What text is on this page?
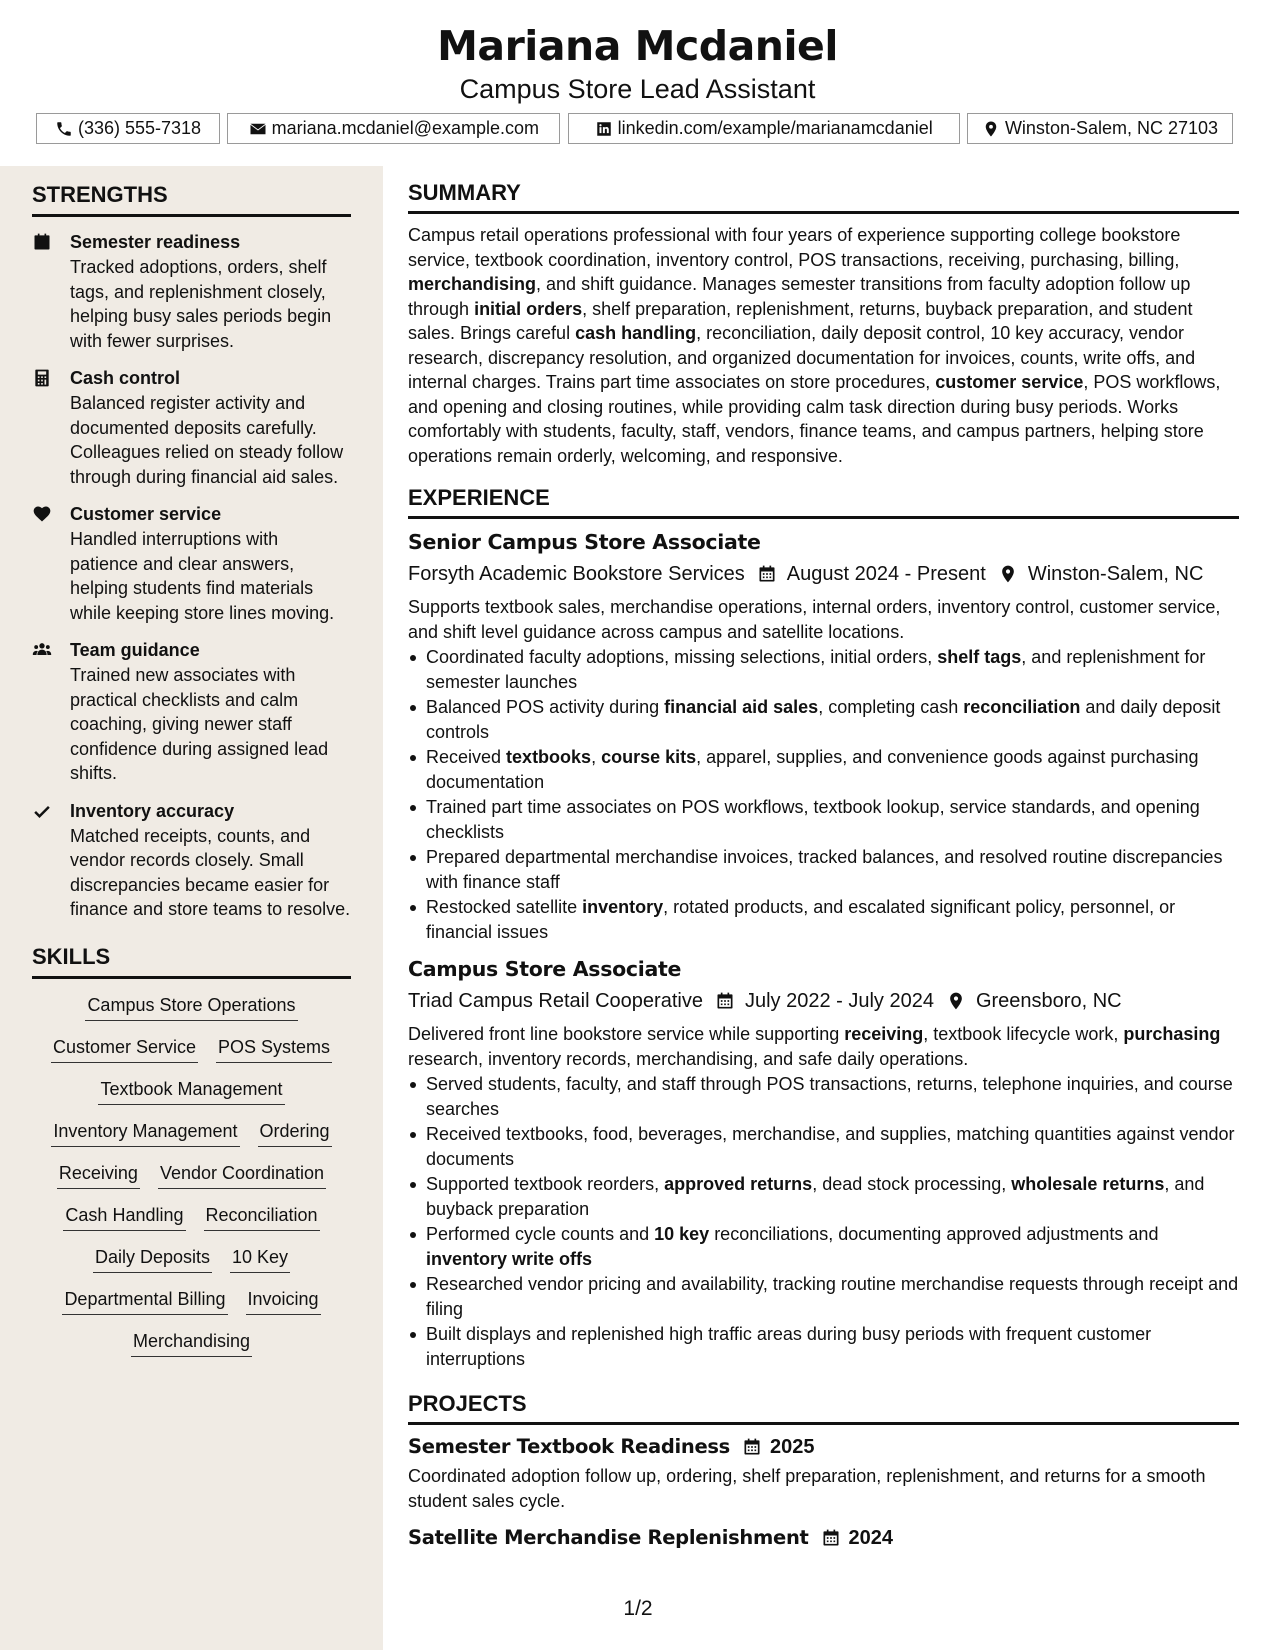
Mariana Mcdaniel
Campus Store Lead Assistant
(336) 555-7318	mariana.mcdaniel@example.com	linkedin.com/example/marianamcdaniel	Winston-Salem, NC 27103
STRENGTHS
Semester readiness
Tracked adoptions, orders, shelf tags, and replenishment closely, helping busy sales periods begin with fewer surprises.
Cash control
Balanced register activity and documented deposits carefully. Colleagues relied on steady follow through during financial aid sales.
Customer service
Handled interruptions with patience and clear answers, helping students find materials while keeping store lines moving.
Team guidance
Trained new associates with practical checklists and calm coaching, giving newer staff confidence during assigned lead shifts.
Inventory accuracy
Matched receipts, counts, and vendor records closely. Small discrepancies became easier for finance and store teams to resolve.
SKILLS
Campus Store Operations
Customer Service POS Systems
Textbook Management
Inventory Management Ordering
Receiving Vendor Coordination
Cash Handling Reconciliation
Daily Deposits 10 Key
Departmental Billing Invoicing
Merchandising
SUMMARY
Campus retail operations professional with four years of experience supporting college bookstore service, textbook coordination, inventory control, POS transactions, receiving, purchasing, billing, merchandising, and shift guidance. Manages semester transitions from faculty adoption follow up through initial orders, shelf preparation, replenishment, returns, buyback preparation, and student sales. Brings careful cash handling, reconciliation, daily deposit control, 10 key accuracy, vendor research, discrepancy resolution, and organized documentation for invoices, counts, write offs, and internal charges. Trains part time associates on store procedures, customer service, POS workflows, and opening and closing routines, while providing calm task direction during busy periods. Works comfortably with students, faculty, staff, vendors, finance teams, and campus partners, helping store operations remain orderly, welcoming, and responsive.
EXPERIENCE
Senior Campus Store Associate
Forsyth Academic Bookstore Services August 2024 - Present Winston-Salem, NC
Supports textbook sales, merchandise operations, internal orders, inventory control, customer service, and shift level guidance across campus and satellite locations.
Coordinated faculty adoptions, missing selections, initial orders, shelf tags, and replenishment for semester launches
Balanced POS activity during financial aid sales, completing cash reconciliation and daily deposit controls
Received textbooks, course kits, apparel, supplies, and convenience goods against purchasing documentation
Trained part time associates on POS workflows, textbook lookup, service standards, and opening checklists
Prepared departmental merchandise invoices, tracked balances, and resolved routine discrepancies with finance staff
Restocked satellite inventory, rotated products, and escalated significant policy, personnel, or financial issues
Campus Store Associate
Triad Campus Retail Cooperative July 2022 - July 2024 Greensboro, NC
Delivered front line bookstore service while supporting receiving, textbook lifecycle work, purchasing research, inventory records, merchandising, and safe daily operations.
Served students, faculty, and staff through POS transactions, returns, telephone inquiries, and course searches
Received textbooks, food, beverages, merchandise, and supplies, matching quantities against vendor documents
Supported textbook reorders, approved returns, dead stock processing, wholesale returns, and buyback preparation
Performed cycle counts and 10 key reconciliations, documenting approved adjustments and inventory write offs
Researched vendor pricing and availability, tracking routine merchandise requests through receipt and filing
Built displays and replenished high traffic areas during busy periods with frequent customer interruptions
PROJECTS
Semester Textbook Readiness 2025
Coordinated adoption follow up, ordering, shelf preparation, replenishment, and returns for a smooth student sales cycle.
Satellite Merchandise Replenishment 2024
1/2
